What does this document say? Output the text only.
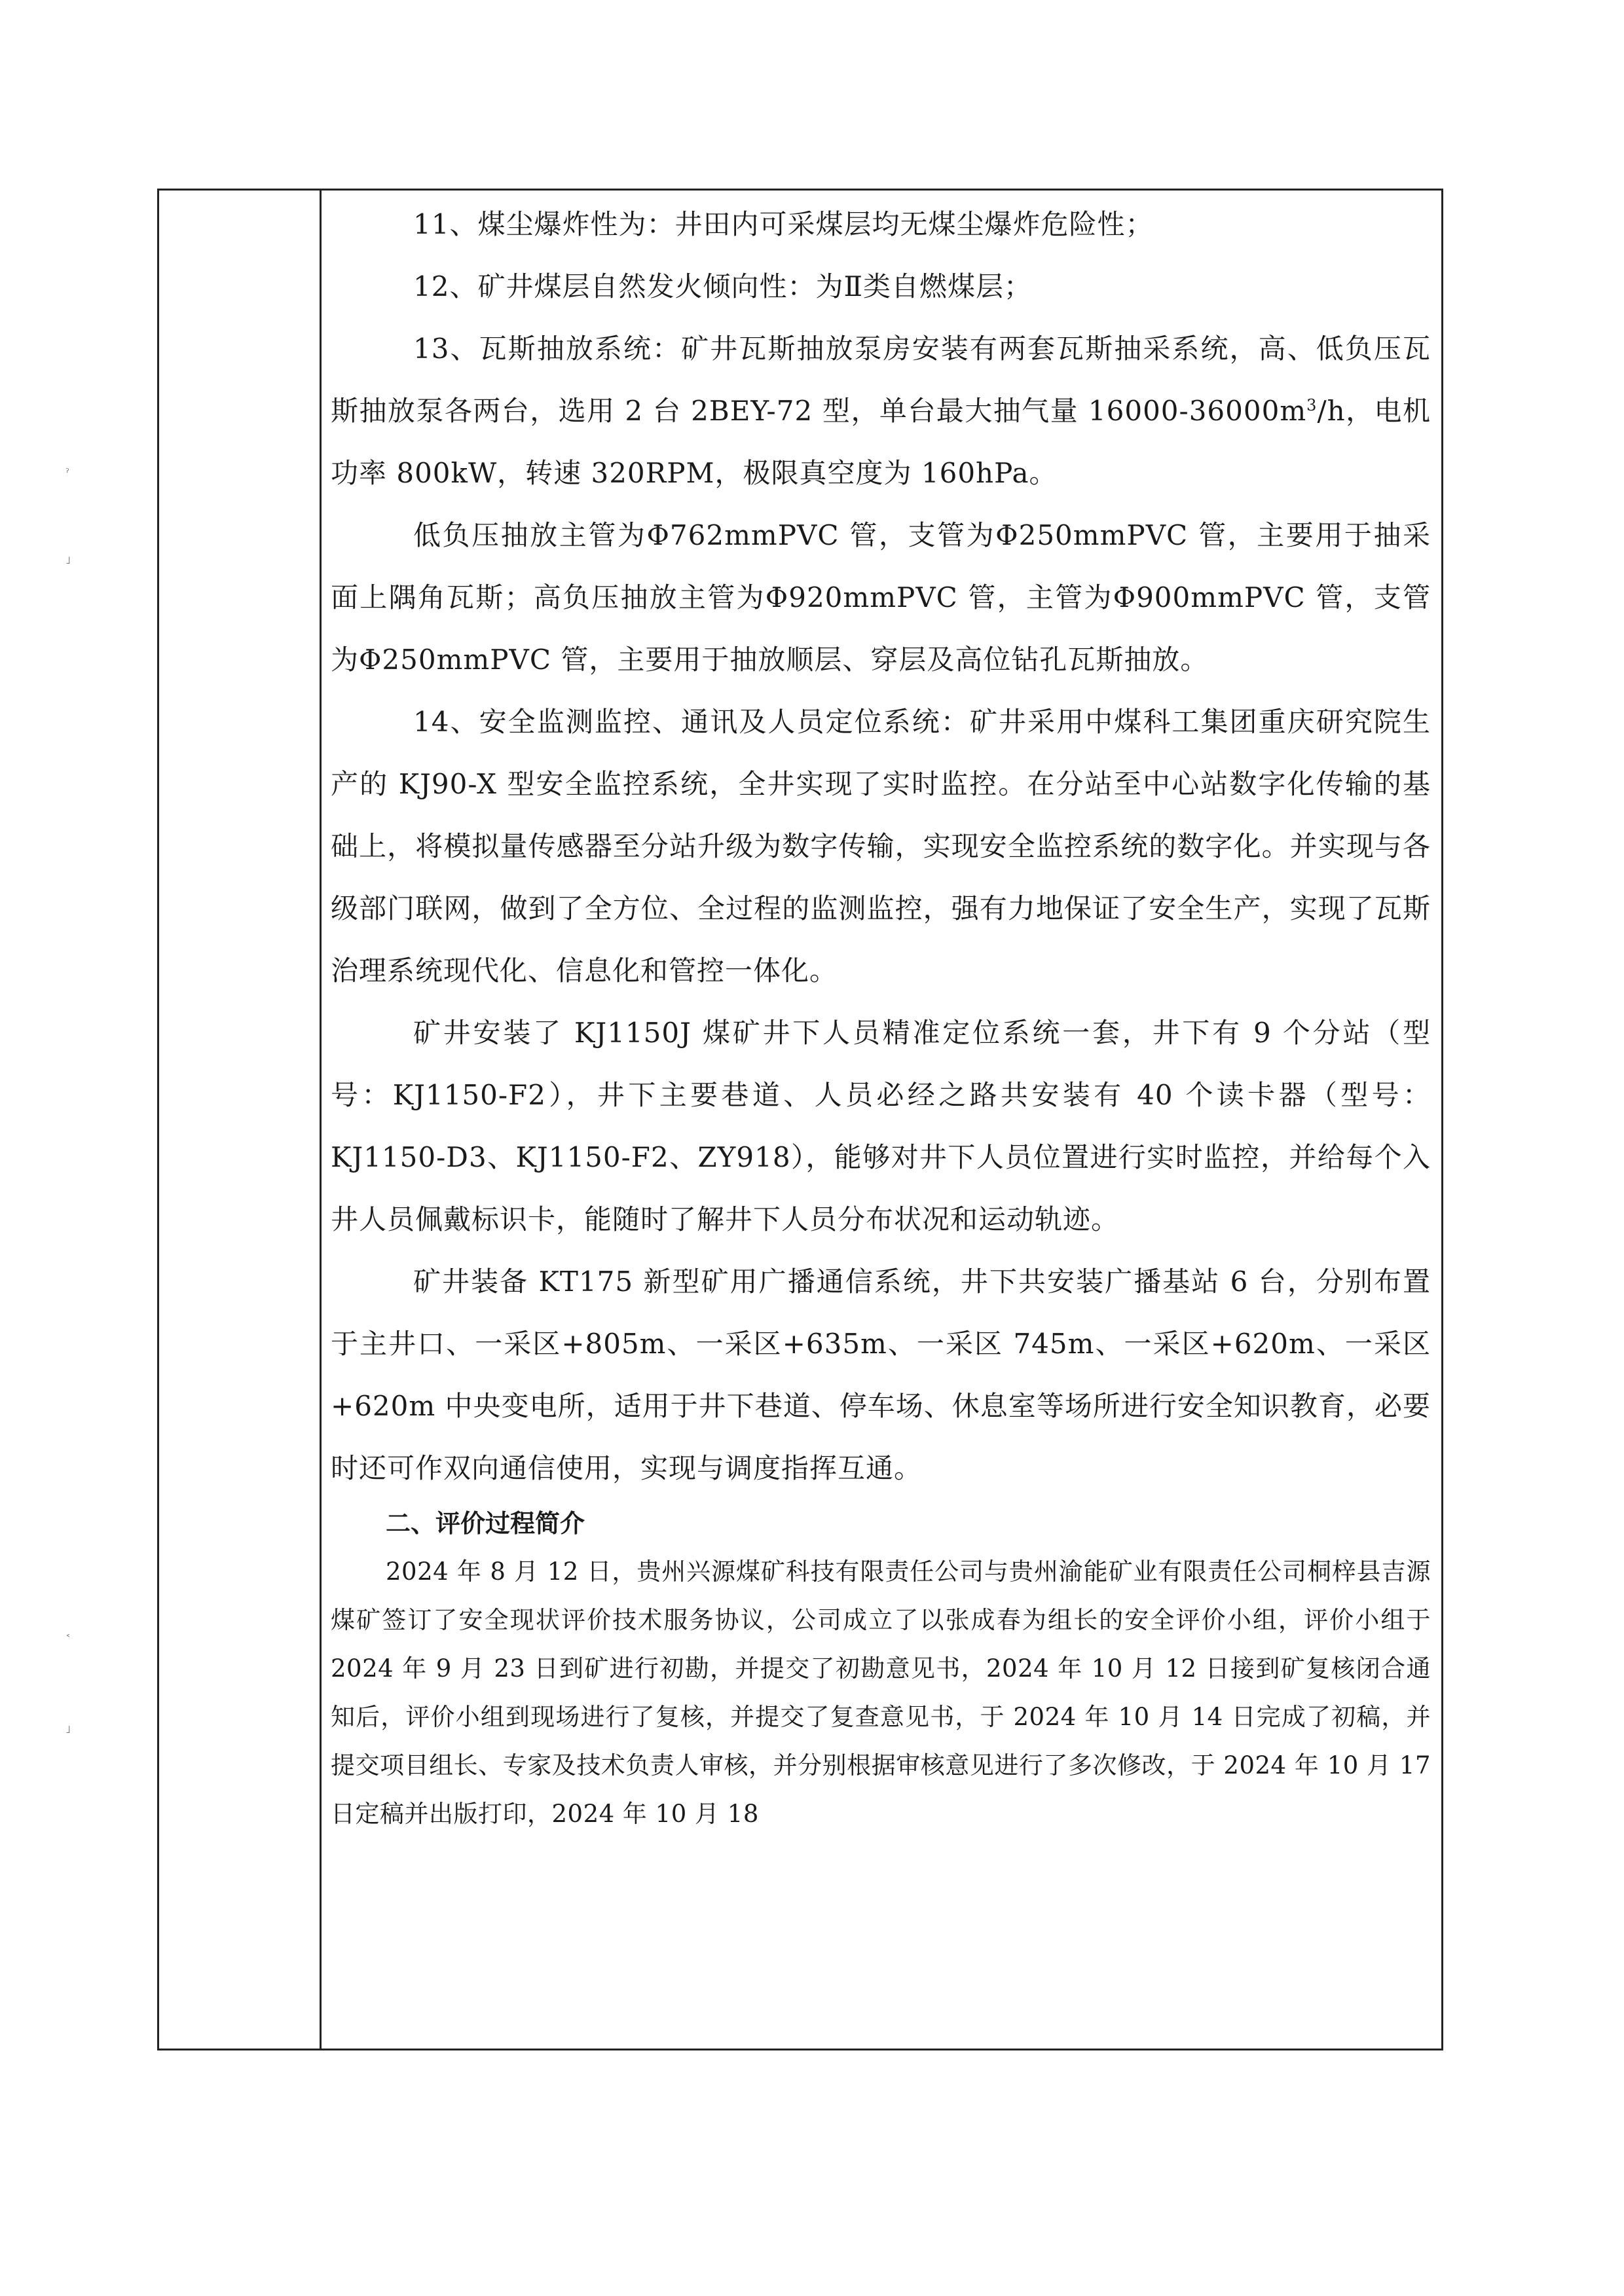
ˀ
˩
˂
˩

11、煤尘爆炸性为：井田内可采煤层均无煤尘爆炸危险性；

12、矿井煤层自然发火倾向性：为Ⅱ类自燃煤层；

13、瓦斯抽放系统：矿井瓦斯抽放泵房安装有两套瓦斯抽采系统，高、低负压瓦斯抽放泵各两台，选用 2 台 2BEY-72 型，单台最大抽气量 $16000-36000m^3/h$，电机功率 800kW，转速 320RPM，极限真空度为 160hPa。

低负压抽放主管为Φ762mmPVC 管，支管为Φ250mmPVC 管，主要用于抽采面上隅角瓦斯；高负压抽放主管为Φ920mmPVC 管，主管为Φ900mmPVC 管，支管为Φ250mmPVC 管，主要用于抽放顺层、穿层及高位钻孔瓦斯抽放。

14、安全监测监控、通讯及人员定位系统：矿井采用中煤科工集团重庆研究院生产的 KJ90-X 型安全监控系统，全井实现了实时监控。在分站至中心站数字化传输的基础上，将模拟量传感器至分站升级为数字传输，实现安全监控系统的数字化。并实现与各级部门联网，做到了全方位、全过程的监测监控，强有力地保证了安全生产，实现了瓦斯治理系统现代化、信息化和管控一体化。

矿井安装了 KJ1150J 煤矿井下人员精准定位系统一套，井下有 9 个分站（型号：KJ1150-F2），井下主要巷道、人员必经之路共安装有 40 个读卡器（型号：KJ1150-D3、KJ1150-F2、ZY918），能够对井下人员位置进行实时监控，并给每个入井人员佩戴标识卡，能随时了解井下人员分布状况和运动轨迹。

矿井装备 KT175 新型矿用广播通信系统，井下共安装广播基站 6 台，分别布置于主井口、一采区+805m、一采区+635m、一采区 745m、一采区+620m、一采区+620m 中央变电所，适用于井下巷道、停车场、休息室等场所进行安全知识教育，必要时还可作双向通信使用，实现与调度指挥互通。

二、评价过程简介

2024 年 8 月 12 日，贵州兴源煤矿科技有限责任公司与贵州渝能矿业有限责任公司桐梓县吉源煤矿签订了安全现状评价技术服务协议，公司成立了以张成春为组长的安全评价小组，评价小组于 2024 年 9 月 23 日到矿进行初勘，并提交了初勘意见书，2024 年 10 月 12 日接到矿复核闭合通知后，评价小组到现场进行了复核，并提交了复查意见书，于 2024 年 10 月 14 日完成了初稿，并提交项目组长、专家及技术负责人审核，并分别根据审核意见进行了多次修改，于 2024 年 10 月 17 日定稿并出版打印，2024 年 10 月 18
